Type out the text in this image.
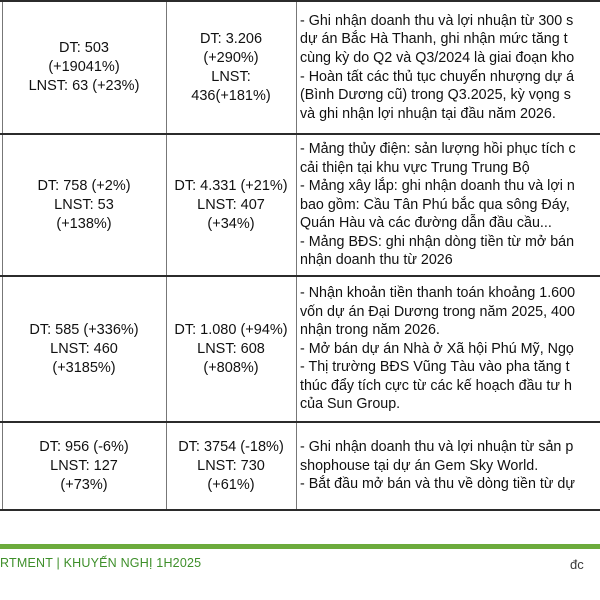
DT: 503
(+19041%)
LNST: 63 (+23%)
DT: 3.206
(+290%)
LNST:
436(+181%)
- Ghi nhận doanh thu và lợi nhuận từ 300 s
dự án Bắc Hà Thanh, ghi nhận mức tăng t
cùng kỳ do Q2 và Q3/2024 là giai đoạn kho
- Hoàn tất các thủ tục chuyển nhượng dự á
(Bình Dương cũ) trong Q3.2025, kỳ vọng s
và ghi nhận lợi nhuận tại đầu năm 2026.
DT: 758 (+2%)
LNST: 53
(+138%)
DT: 4.331 (+21%)
LNST: 407
(+34%)
- Mảng thủy điện: sản lượng hồi phục tích c
cải thiện tại khu vực Trung Trung Bộ
- Mảng xây lắp: ghi nhận doanh thu và lợi n
bao gồm: Cầu Tân Phú bắc qua sông Đáy,
Quán Hàu và các đường dẫn đầu cầu...
- Mảng BĐS: ghi nhận dòng tiền từ mở bán
nhận doanh thu từ 2026
DT: 585 (+336%)
LNST: 460
(+3185%)
DT: 1.080 (+94%)
LNST: 608
(+808%)
- Nhận khoản tiền thanh toán khoảng 1.600
vốn dự án Đại Dương trong năm 2025, 400
nhận trong năm 2026.
- Mở bán dự án Nhà ở Xã hội Phú Mỹ, Ngọ
- Thị trường BĐS Vũng Tàu vào pha tăng t
thúc đẩy tích cực từ các kế hoạch đầu tư h
của Sun Group.
DT: 956 (-6%)
LNST: 127
(+73%)
DT: 3754 (-18%)
LNST: 730
(+61%)
- Ghi nhận doanh thu và lợi nhuận từ sản p
shophouse tại dự án Gem Sky World.
- Bắt đầu mở bán và thu về dòng tiền từ dự
RTMENT | KHUYẾN NGHỊ 1H2025	đc
